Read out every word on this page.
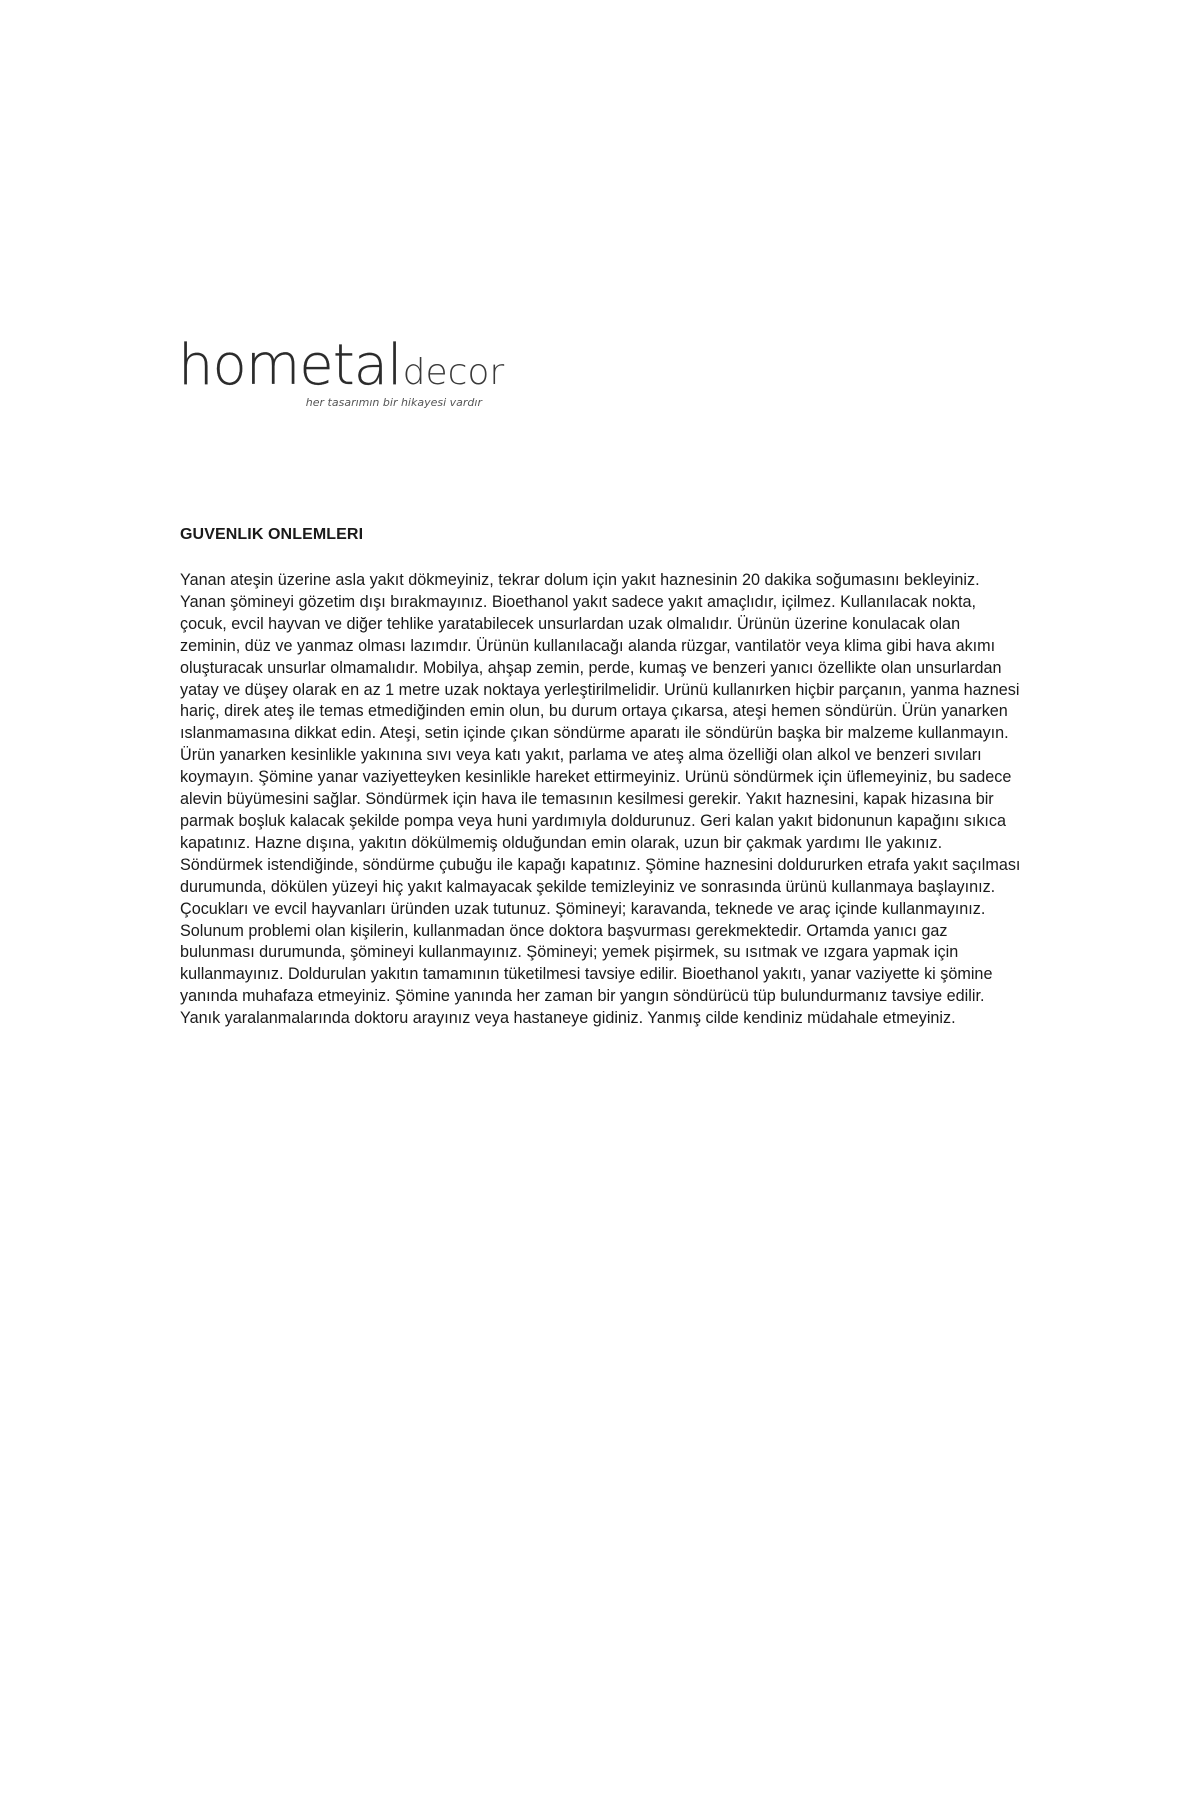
hometaldecor
her tasarımın bir hikayesi vardır
GUVENLIK ONLEMLERI

Yanan ateşin üzerine asla yakıt dökmeyiniz, tekrar dolum için yakıt haznesinin 20 dakika soğumasını bekleyiniz. Yanan şömineyi gözetim dışı bırakmayınız. Bioethanol yakıt sadece yakıt amaçlıdır, içilmez. Kullanılacak nokta, çocuk, evcil hayvan ve diğer tehlike yaratabilecek unsurlardan uzak olmalıdır. Ürünün üzerine konulacak olan zeminin, düz ve yanmaz olması lazımdır. Ürünün kullanılacağı alanda rüzgar, vantilatör veya klima gibi hava akımı oluşturacak unsurlar olmamalıdır. Mobilya, ahşap zemin, perde, kumaş ve benzeri yanıcı özellikte olan unsurlardan yatay ve düşey olarak en az 1 metre uzak noktaya yerleştirilmelidir. Urünü kullanırken hiçbir parçanın, yanma haznesi hariç, direk ateş ile temas etmediğinden emin olun, bu durum ortaya çıkarsa, ateşi hemen söndürün. Ürün yanarken ıslanmamasına dikkat edin. Ateşi, setin içinde çıkan söndürme aparatı ile söndürün başka bir malzeme kullanmayın. Ürün yanarken kesinlikle yakınına sıvı veya katı yakıt, parlama ve ateş alma özelliği olan alkol ve benzeri sıvıları koymayın. Şömine yanar vaziyetteyken kesinlikle hareket ettirmeyiniz. Urünü söndürmek için üflemeyiniz, bu sadece alevin büyümesini sağlar. Söndürmek için hava ile temasının kesilmesi gerekir. Yakıt haznesini, kapak hizasına bir parmak boşluk kalacak şekilde pompa veya huni yardımıyla doldurunuz. Geri kalan yakıt bidonunun kapağını sıkıca kapatınız. Hazne dışına, yakıtın dökülmemiş olduğundan emin olarak, uzun bir çakmak yardımı Ile yakınız. Söndürmek istendiğinde, söndürme çubuğu ile kapağı kapatınız. Şömine haznesini doldururken etrafa yakıt saçılması durumunda, dökülen yüzeyi hiç yakıt kalmayacak şekilde temizleyiniz ve sonrasında ürünü kullanmaya başlayınız. Çocukları ve evcil hayvanları üründen uzak tutunuz. Şömineyi; karavanda, teknede ve araç içinde kullanmayınız. Solunum problemi olan kişilerin, kullanmadan önce doktora başvurması gerekmektedir. Ortamda yanıcı gaz bulunması durumunda, şömineyi kullanmayınız. Şömineyi; yemek pişirmek, su ısıtmak ve ızgara yapmak için kullanmayınız. Doldurulan yakıtın tamamının tüketilmesi tavsiye edilir. Bioethanol yakıtı, yanar vaziyette ki şömine yanında muhafaza etmeyiniz. Şömine yanında her zaman bir yangın söndürücü tüp bulundurmanız tavsiye edilir. Yanık yaralanmalarında doktoru arayınız veya hastaneye gidiniz. Yanmış cilde kendiniz müdahale etmeyiniz.
